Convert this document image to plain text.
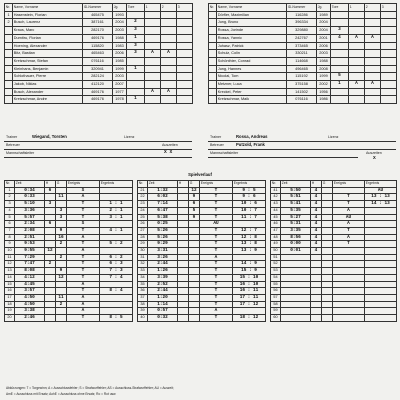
Nr.	Name, Vorname	ID-Nummer	Jg.	Tore	1	2	3
1	Hasenstein, Florian	465475	1993				
2	Busch, Laurenz	387161	2004	2			
	Kraus, Marc	282170	2003	3			
	Dumitru, Florian	469176	1988	1			
	Hoening, Alexander	115820	1983	3			
	Bitz, Bastian	465463	2006	3	A	A	
	Kretzschmar, Stefan	076116	1985				
	Kleinhans, Benjamin	320941	1999	1			
	Schlothauer, Pierre	282124	2003				
	Jakob, Niklas	412120	2007				
	Busch, Alexander	469176	1977		A	A	
	Kretzschmar, Andre	469176	1978	1			
Nr.	Name, Vorname	ID-Nummer	Jg.	Tore	1	2	3
	Dörfler, Maximilian	116286	1989				
	Jung, Bruno	396334	2004				
	Rossa, Jorinde	329880	2004	3			
	Rossa, Yannic	242767	2001	4	A	A	
	Juhasz, Patrick	373465	2006				
	Schulz, Colin	330211	2003				
	Schönthier, Conrad	114668	1988				
	Jung, Hannes	496465	2008				
	Nicolai, Tom	115192	1999	5			
	Metzner, Luca	375158	2002	1	A	A	
	Kreckel, Peter	141502	1956				
	Kretzschmar, Maik	076116	1986				
Trainer	Wiegand, Torsten	Lizenz
Betreuer	Auszeiten
Mannschaftsleiter	X X
Trainer	Rossa, Andreas	Lizenz
Betreuer	Putzold, Frank
Mannschaftsleiter	Auszeiten
X
Spielverlauf
Nr.	Zeit	H	G	Ereignis	Ergebnis
1	0:34	6		S	
2	0:33		11	A	
3	5:10	3		T	1 : 1
4	3:36		3	T	2 : 1
5	5:57		3	T	3 : 1
6	2:34	6		S	
7	2:08		9	T	4 : 1
8	2:51		16	A	
9	9:53		2	T	5 : 2
10	9:55	12		A	
11	7:29		2	T	6 : 2
12	7:47	2		T	6 : 3
13	8:08		9	T	7 : 3
14	4:12		12	T	7 : 4
15	4:45			A	
16	3:57			T	8 : 4
17	4:50		11	A	
18	4:50		2	A	
19	3:38			A	
20	2:46			T	8 : 5
Nr.	Zeit	H	G	Ereignis	Ergebnis
21	1:32		12	T	9 : 5
22	6:02		9	T	9 : 6
23	7:14		6	T	10 : 6
24	6:47		5	T	10 : 7
25	5:38		9	T	11 : 7
26	0:25			AU	
27	5:26			T	12 : 7
28	5:26			T	12 : 8
29	9:29			T	13 : 8
30	3:31			T	13 : 9
31	3:26			A	
32	2:44			T	14 : 9
33	1:26			T	15 : 9
34	3:39			T	15 : 10
35	2:52			T	16 : 10
36	2:44			T	16 : 11
37	1:20			T	17 : 11
38	1:14			T	17 : 12
39	0:57			A	
40	0:32			T	18 : 12
Nr.	Zeit	H	G	Ereignis	Ergebnis
41	5:50	4			AU
42	5:51	4		T	13 : 13
43	5:41	4		T	14 : 13
44	5:35	4		A	
45	5:27	4		AU	
46	5:31	4		A	
47	3:35	4		T	
48	8:56	4		A	
49	0:00	4		T	
50	0:01	4			
51					
52					
53					
54					
55					
56					
57					
58					
59					
60					
Abkürzungen: T = Torgewinn; A = Ausschlussfehler; S = Strafwurffehler; AS = Ausschluss-Strafwurffehler; AU = Auszeit;
AmE = Ausschluss mit Ersatz; AohE = Ausschluss ohne Ersatz; Ro = Rot usw.
